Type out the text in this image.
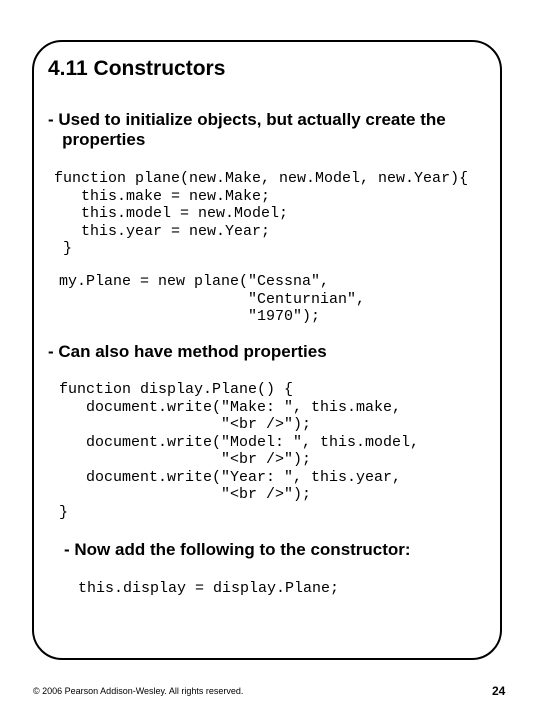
4.11 Constructors

- Used to initialize objects, but actually create the
properties

function plane(new.Make, new.Model, new.Year){
this.make = new.Make;
this.model = new.Model;
this.year = new.Year;
}
my.Plane = new plane("Cessna",
"Centurnian",
"1970");

- Can also have method properties

function display.Plane() {
document.write("Make: ", this.make,
"<br />");
document.write("Model: ", this.model,
"<br />");
document.write("Year: ", this.year,
"<br />");
}

- Now add the following to the constructor:

this.display = display.Plane;
© 2006 Pearson Addison-Wesley. All rights reserved.	24
